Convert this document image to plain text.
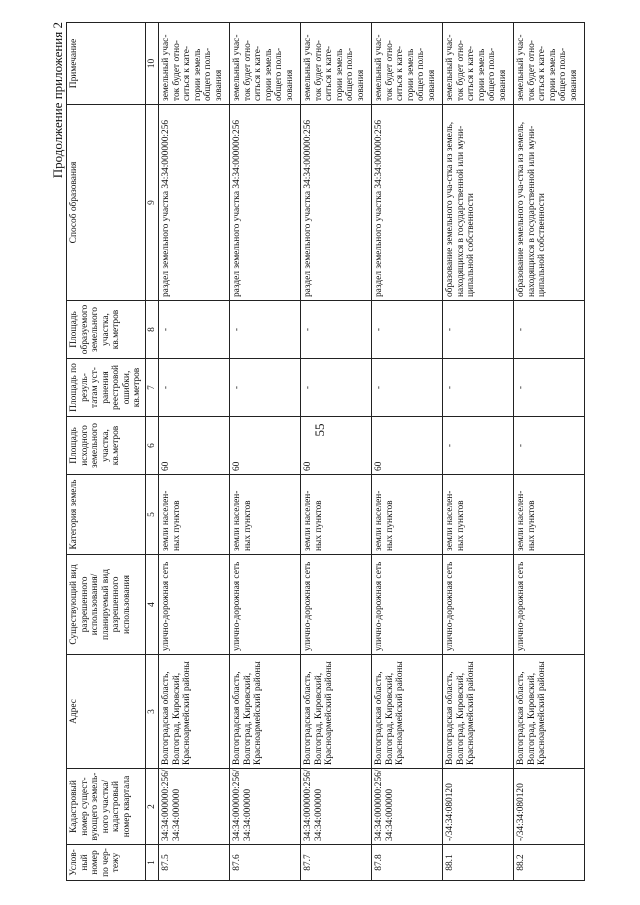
55
Продолжение приложения 2
Услов-ный номер по чер-тежу	Кадастровый номер сущест-вующего земель-ного участка/ кадастровый номер квартала	Адрес	Существующий вид разрешенного использования/ планируемый вид разрешенного использования	Категория земель	Площадь исходного земельного участка, кв.метров	Площадь по резуль-татам уст-ранения реестровой ошибки, кв.метров	Площадь образуемого земельного участка, кв.метров	Способ образования	Примечание
1	2	3	4	5	6	7	8	9	10
87.5	34:34:000000:256/ 34:34:000000	Волгоградская область, Волгоград, Кировский, Красноармейский районы	улично-дорожная сеть	земли населен-ных пунктов	60	-	-	раздел земельного участка 34:34:000000:256	земельный учас-ток будет отно-ситься к кате-гории земель общего поль-зования
87.6	34:34:000000:256/ 34:34:000000	Волгоградская область, Волгоград, Кировский, Красноармейский районы	улично-дорожная сеть	земли населен-ных пунктов	60	-	-	раздел земельного участка 34:34:000000:256	земельный учас-ток будет отно-ситься к кате-гории земель общего поль-зования
87.7	34:34:000000:256/ 34:34:000000	Волгоградская область, Волгоград, Кировский, Красноармейский районы	улично-дорожная сеть	земли населен-ных пунктов	60	-	-	раздел земельного участка 34:34:000000:256	земельный учас-ток будет отно-ситься к кате-гории земель общего поль-зования
87.8	34:34:000000:256/ 34:34:000000	Волгоградская область, Волгоград, Кировский, Красноармейский районы	улично-дорожная сеть	земли населен-ных пунктов	60	-	-	раздел земельного участка 34:34:000000:256	земельный учас-ток будет отно-ситься к кате-гории земель общего поль-зования
88.1	-/34:34:080120	Волгоградская область, Волгоград, Кировский, Красноармейский районы	улично-дорожная сеть	земли населен-ных пунктов	-	-	-	образование земельного уча-стка из земель, находящихся в государственной или муни-ципальной собственности	земельный учас-ток будет отно-ситься к кате-гории земель общего поль-зования
88.2	-/34:34:080120	Волгоградская область, Волгоград, Кировский, Красноармейский районы	улично-дорожная сеть	земли населен-ных пунктов	-	-	-	образование земельного уча-стка из земель, находящихся в государственной или муни-ципальной собственности	земельный учас-ток будет отно-ситься к кате-гории земель общего поль-зования
